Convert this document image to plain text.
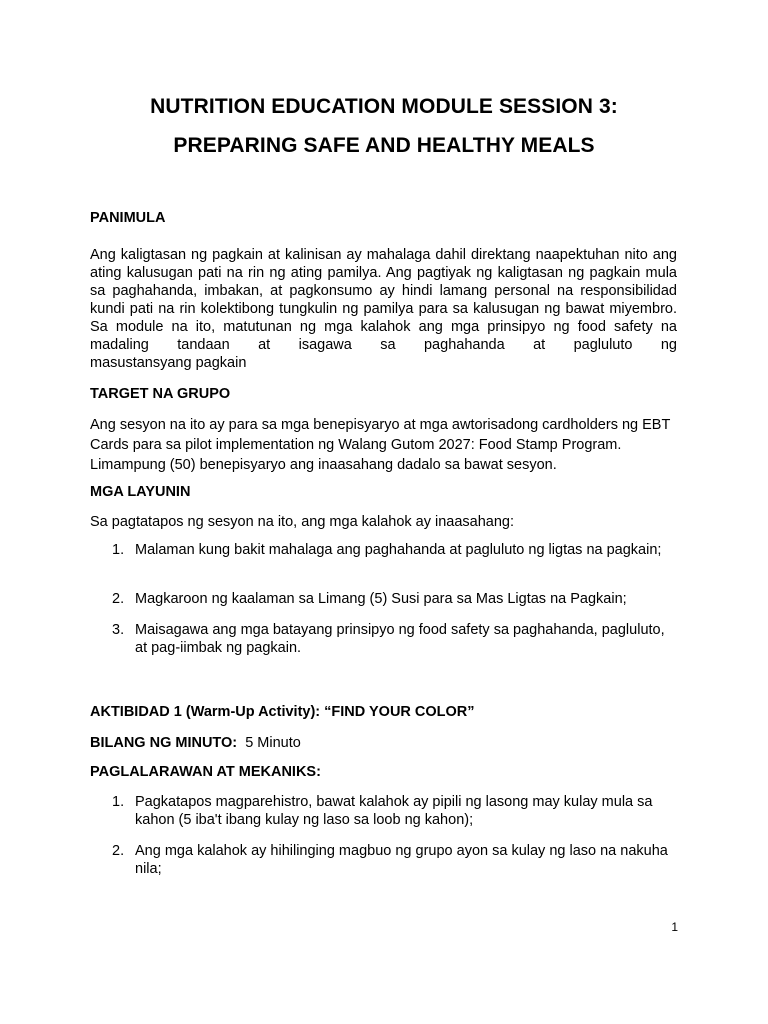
NUTRITION EDUCATION MODULE SESSION 3:
PREPARING SAFE AND HEALTHY MEALS
PANIMULA

Ang kaligtasan ng pagkain at kalinisan ay mahalaga dahil direktang naapektuhan nito ang ating kalusugan pati na rin ng ating pamilya. Ang pagtiyak ng kaligtasan ng pagkain mula sa paghahanda, imbakan, at pagkonsumo ay hindi lamang personal na responsibilidad kundi pati na rin kolektibong tungkulin ng pamilya para sa kalusugan ng bawat miyembro. Sa module na ito, matutunan ng mga kalahok ang mga prinsipyo ng food safety na madaling tandaan at isagawa sa paghahanda at pagluluto ng

masustansyang pagkain

TARGET NA GRUPO

Ang sesyon na ito ay para sa mga benepisyaryo at mga awtorisadong cardholders ng EBT Cards para sa pilot implementation ng Walang Gutom 2027: Food Stamp Program. Limampung (50) benepisyaryo ang inaasahang dadalo sa bawat sesyon.

MGA LAYUNIN

Sa pagtatapos ng sesyon na ito, ang mga kalahok ay inaasahang:

1. Malaman kung bakit mahalaga ang paghahanda at pagluluto ng ligtas na pagkain;
2. Magkaroon ng kaalaman sa Limang (5) Susi para sa Mas Ligtas na Pagkain;
3. Maisagawa ang mga batayang prinsipyo ng food safety sa paghahanda, pagluluto, at pag-iimbak ng pagkain.
AKTIBIDAD 1 (Warm-Up Activity): “FIND YOUR COLOR”

BILANG NG MINUTO: 5 Minuto

PAGLALARAWAN AT MEKANIKS:
1. Pagkatapos magparehistro, bawat kalahok ay pipili ng lasong may kulay mula sa kahon (5 iba't ibang kulay ng laso sa loob ng kahon);
2. Ang mga kalahok ay hihilinging magbuo ng grupo ayon sa kulay ng laso na nakuha nila;
1
